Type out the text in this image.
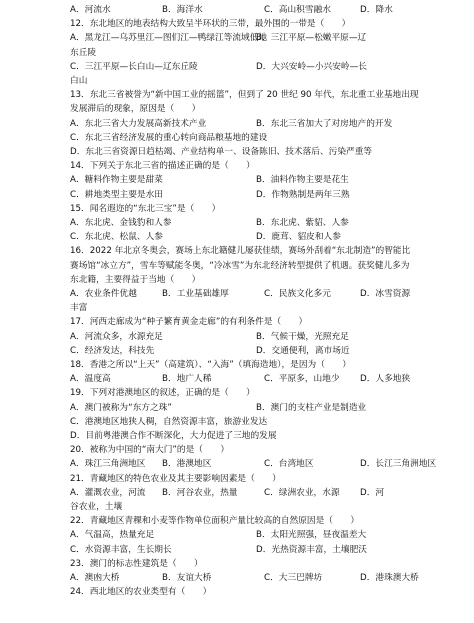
A．河流水	B．海洋水	C．高山积雪融水	D．降水
12．东北地区的地表结构大致呈半环状的三带，最外围的一带是（　　）
A．黑龙江—乌苏里江—图们江—鸭绿江等流域低地
B．三江平原—松嫩平原—辽
东丘陵
C．三江平原—长白山—辽东丘陵	D．大兴安岭—小兴安岭—长
白山
13．东北三省被誉为“新中国工业的摇篮”，但到了 20 世纪 90 年代，东北重工业基地出现
发展滞后的现象，原因是（　　）
A．东北三省大力发展高新技术产业	B．东北三省加大了对房地产的开发
C．东北三省经济发展的重心转向商品粮基地的建设
D．东北三省资源日趋枯竭、产业结构单一、设备陈旧、技术落后、污染严重等
14．下列关于东北三省的描述正确的是（　　）
A．糖料作物主要是甜菜	B．油料作物主要是花生
C．耕地类型主要是水田	D．作物熟制是两年三熟
15．闻名遐迩的“东北三宝”是（　　）
A．东北虎、金钱豹和人参	B．东北虎、紫貂、人参
C．东北虎、松鼠、人参	D．鹿茸、貂皮和人参
16．2022 年北京冬奥会，赛场上东北籍健儿屡获佳绩，赛场外刮着“东北制造”的智能比
赛场馆“冰立方”，雪车等赋能冬奥，“冷冰雪”为东北经济转型提供了机遇。获奖健儿多为
东北籍，主要得益于当地（　　）
A．农业条件优越	B．工业基础雄厚	C．民族文化多元	D．冰雪资源
丰富
17．河西走廊成为“种子繁育黄金走廊”的有利条件是（　　）
A．河流众多，水源充足	B．气候干燥，光照充足
C．经济发达，科技先	D．交通便利，离市场近
18．香港之所以“上天”（高建筑）、“入海”（填海造地），是因为（　　）
A．温度高	B．地广人稀	C．平原多，山地少 D．人多地狭
19．下列对港澳地区的叙述，正确的是（　　）
A．澳门被称为“东方之珠”	B．澳门的支柱产业是制造业
C．港澳地区地狭人稠，自然资源丰富，旅游业发达
D．目前粤港澳合作不断深化，大力促进了三地的发展
20．被称为中国的“南大门”的是（　　）
A．珠江三角洲地区 B．港澳地区	C．台湾地区	D．长江三角洲地区
21．青藏地区的特色农业及其主要影响因素是（　　）
A．灌溉农业，河流 B．河谷农业，热量	C．绿洲农业，水源 D．河
谷农业，土壤
22．青藏地区青稞和小麦等作物单位面积产量比较高的自然原因是（　　）
A．气温高，热量充足	B．太阳光照强，昼夜温差大
C．水资源丰富，生长期长	D．光热资源丰富，土壤肥沃
23．澳门的标志性建筑是（　　）
A．澳凼大桥	B．友谊大桥	C．大三巴牌坊	D．港珠澳大桥
24．西北地区的农业类型有（　　）
